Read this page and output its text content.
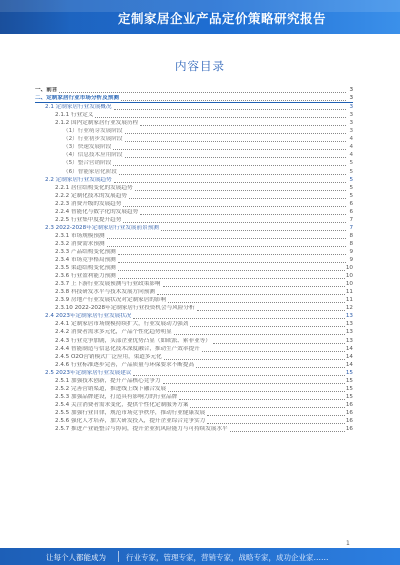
定制家居企业产品定价策略研究报告
内容目录
一、前言	3
二、定制家居行业市场分析及预测	3
2.1 定制家居行业发展概况	3
2.1.1 行业定义	3
2.1.2 国内定制家居行业发展历程	3
（1）行业萌芽发展阶段	3
（2）行业初步发展阶段	4
（3）快速发展阶段	4
（4）信息技术应用阶段	4
（5）整合营销阶段	5
（6）智能家居化阶段	5
2.2 定制家居行业发展趋势	5
2.2.1 居住结构变化的发展趋势	5
2.2.2 定制化技术的发展趋势	5
2.2.3 消费升级的发展趋势	6
2.2.4 智能化与数字化的发展趋势	6
2.2.5 行业集中度提升趋势	7
2.3 2022-2028年定制家居行业发展前景预测	7
2.3.1 市场规模预测	8
2.3.2 消费需求预测	8
2.3.3 产品结构变化预测	9
2.3.4 市场竞争格局预测	9
2.3.5 渠道结构变化预测	10
2.3.6 行业盈利能力预测	10
2.3.7 上下游行业发展预测与行业政策影响	10
2.3.8 科技研发水平与技术发展方向预测	11
2.3.9 房地产行业发展状况对定制家居的影响	11
2.3.10 2022-2028年定制家居行业投资机会与风险分析	12
2.4 2023年定制家居行业发展状况	13
2.4.1 定制家居市场规模持续扩大，行业发展动力强劲	13
2.4.2 消费者需求多元化，产品个性化趋势明显	13
2.4.3 行业竞争加剧，头部企业优势凸显（如欧派、索菲亚等）	13
2.4.4 智能制造与信息化技术深度融合，推动生产效率提升	14
2.4.5 O2O营销模式广泛应用，渠道多元化	14
2.4.6 行业标准逐步完善，产品质量与环保要求不断提高	14
2.5 2023年定制家居行业发展建议	15
2.5.1 加强技术创新，提升产品核心竞争力	15
2.5.2 完善营销渠道，推进线上线下融合发展	15
2.5.3 加强品牌建设，打造具有影响力的行业品牌	15
2.5.4 关注消费者需求变化，提供个性化定制服务方案	16
2.5.5 加强行业自律，规范市场竞争秩序，推动行业健康发展	16
2.5.6 强化人才培养，加大研发投入，提升企业综合竞争实力	16
2.5.7 推进产业链整合与协同，提升企业抗风险能力与可持续发展水平	16
1
让每个人都能成为	行业专家，管理专家，营销专家，战略专家，成功企业家……
